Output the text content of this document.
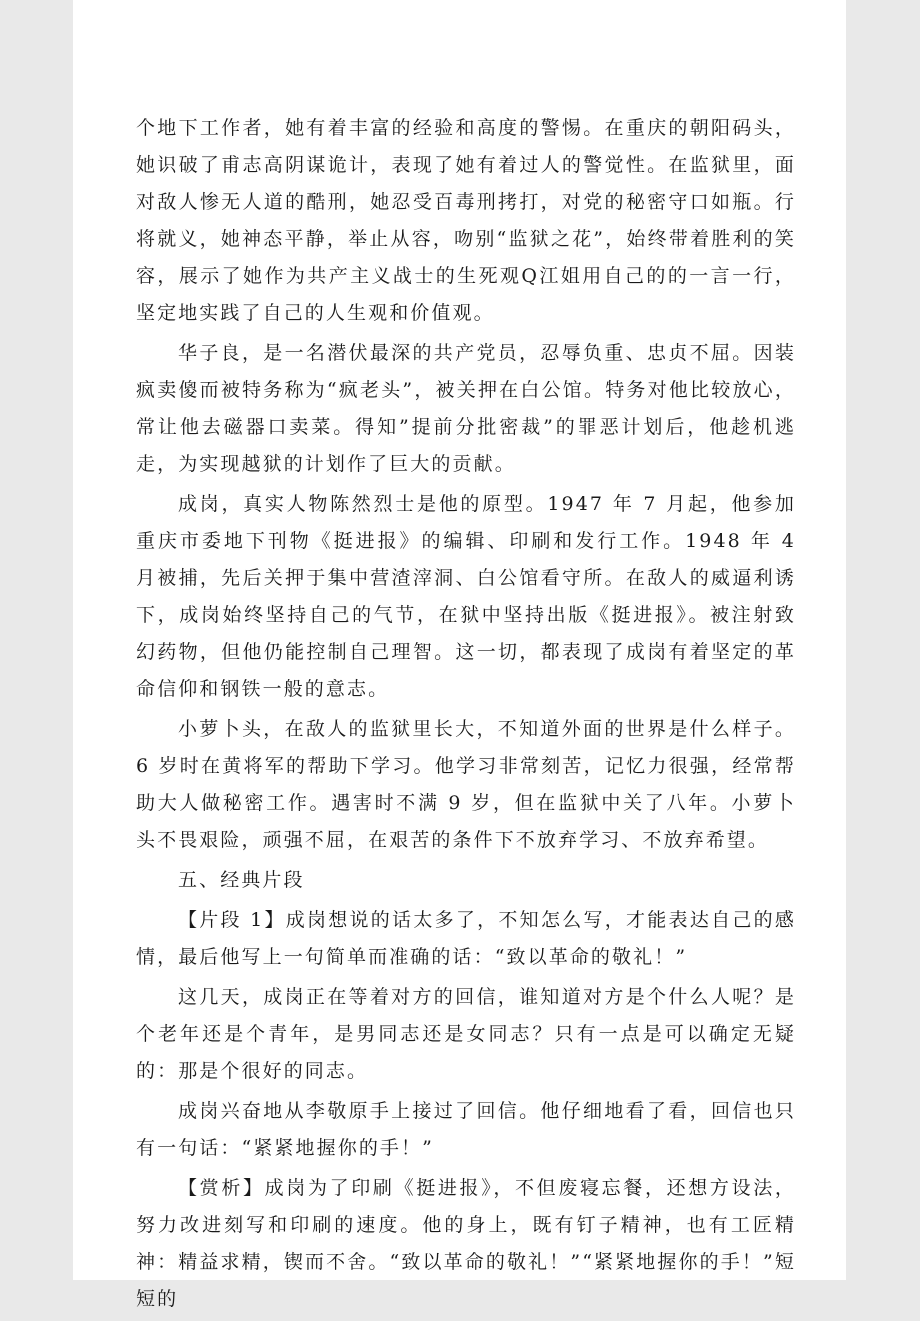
个地下工作者，她有着丰富的经验和高度的警惕。在重庆的朝阳码头，她识破了甫志高阴谋诡计，表现了她有着过人的警觉性。在监狱里，面对敌人惨无人道的酷刑，她忍受百毒刑拷打，对党的秘密守口如瓶。行将就义，她神态平静，举止从容，吻别“监狱之花”，始终带着胜利的笑容，展示了她作为共产主义战士的生死观Q江姐用自己的的一言一行，坚定地实践了自己的人生观和价值观。

华子良，是一名潜伏最深的共产党员，忍辱负重、忠贞不屈。因装疯卖傻而被特务称为“疯老头”，被关押在白公馆。特务对他比较放心，常让他去磁器口卖菜。得知”提前分批密裁”的罪恶计划后，他趁机逃走，为实现越狱的计划作了巨大的贡献。

成岗，真实人物陈然烈士是他的原型。1947 年 7 月起，他参加重庆市委地下刊物《挺进报》的编辑、印刷和发行工作。1948 年 4 月被捕，先后关押于集中营渣滓洞、白公馆看守所。在敌人的威逼利诱下，成岗始终坚持自己的气节，在狱中坚持出版《挺进报》。被注射致幻药物，但他仍能控制自己理智。这一切，都表现了成岗有着坚定的革命信仰和钢铁一般的意志。

小萝卜头，在敌人的监狱里长大，不知道外面的世界是什么样子。6 岁时在黄将军的帮助下学习。他学习非常刻苦，记忆力很强，经常帮助大人做秘密工作。遇害时不满 9 岁，但在监狱中关了八年。小萝卜头不畏艰险，顽强不屈，在艰苦的条件下不放弃学习、不放弃希望。

五、经典片段

【片段 1】成岗想说的话太多了，不知怎么写，才能表达自己的感情，最后他写上一句简单而准确的话：“致以革命的敬礼！”

这几天，成岗正在等着对方的回信，谁知道对方是个什么人呢？是个老年还是个青年，是男同志还是女同志？只有一点是可以确定无疑的：那是个很好的同志。

成岗兴奋地从李敬原手上接过了回信。他仔细地看了看，回信也只有一句话：“紧紧地握你的手！”

【赏析】成岗为了印刷《挺进报》，不但废寝忘餐，还想方设法，努力改进刻写和印刷的速度。他的身上，既有钉子精神，也有工匠精神：精益求精，锲而不舍。“致以革命的敬礼！”“紧紧地握你的手！”短短的
